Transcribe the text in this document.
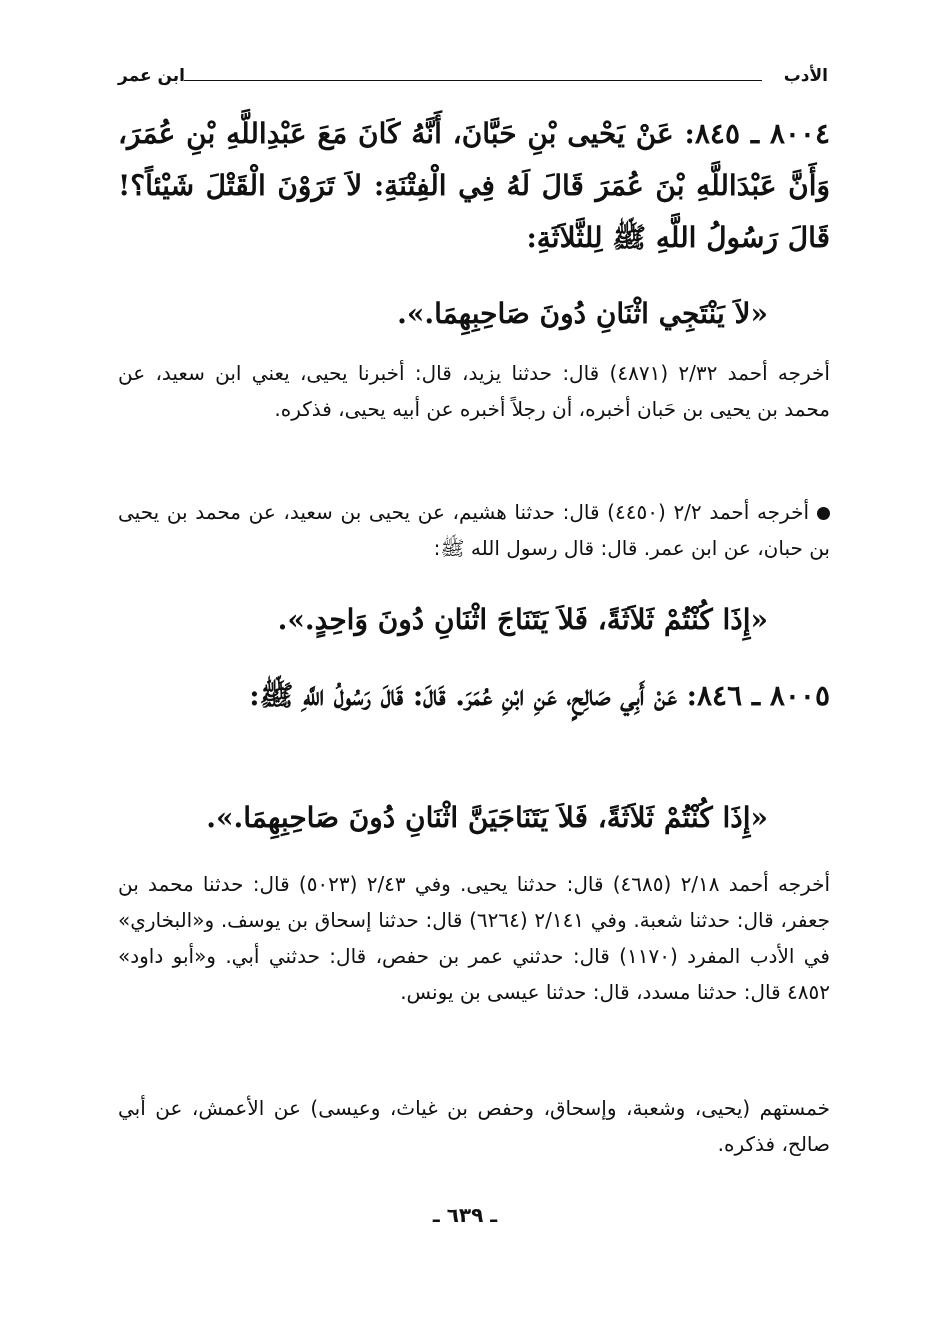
الأدب
ابن عمر
٨٠٠٤ ـ ٨٤٥: عَنْ يَحْيى بْنِ حَبَّانَ، أَنَّهُ كَانَ مَعَ عَبْدِاللَّهِ بْنِ عُمَرَ، وَأَنَّ عَبْدَاللَّهِ بْنَ عُمَرَ قَالَ لَهُ فِي الْفِتْنَةِ: لاَ تَرَوْنَ الْقَتْلَ شَيْئاً؟! قَالَ رَسُولُ اللَّهِ ﷺ لِلثَّلاَثَةِ:
«لاَ يَنْتَجِي اثْنَانِ دُونَ صَاحِبِهِمَا.».
أخرجه أحمد ٢/٣٢ (٤٨٧١) قال: حدثنا يزيد، قال: أخبرنا يحيى، يعني ابن سعيد، عن محمد بن يحيى بن حَبان أخبره، أن رجلاً أخبره عن أبيه يحيى، فذكره.
أخرجه أحمد ٢/٢ (٤٤٥٠) قال: حدثنا هشيم، عن يحيى بن سعيد، عن محمد بن يحيى بن حبان، عن ابن عمر. قال: قال رسول الله ﷺ:
«إِذَا كُنْتُمْ ثَلاَثَةً، فَلاَ يَتَنَاجَ اثْنَانِ دُونَ وَاحِدٍ.».
٨٠٠٥ ـ ٨٤٦: عَنْ أَبِي صَالِحٍ، عَنِ ابْنِ عُمَرَ. قَالَ: قَالَ رَسُولُ اللَّهِ ﷺ:
«إِذَا كُنْتُمْ ثَلاَثَةً، فَلاَ يَتَنَاجَيَنَّ اثْنَانِ دُونَ صَاحِبِهِمَا.».
أخرجه أحمد ٢/١٨ (٤٦٨٥) قال: حدثنا يحيى. وفي ٢/٤٣ (٥٠٢٣) قال: حدثنا محمد بن جعفر، قال: حدثنا شعبة. وفي ٢/١٤١ (٦٢٦٤) قال: حدثنا إسحاق بن يوسف. و«البخاري» في الأدب المفرد (١١٧٠) قال: حدثني عمر بن حفص، قال: حدثني أبي. و«أبو داود» ٤٨٥٢ قال: حدثنا مسدد، قال: حدثنا عيسى بن يونس.
خمستهم (يحيى، وشعبة، وإسحاق، وحفص بن غياث، وعيسى) عن الأعمش، عن أبي صالح، فذكره.
ـ ٦٣٩ ـ
